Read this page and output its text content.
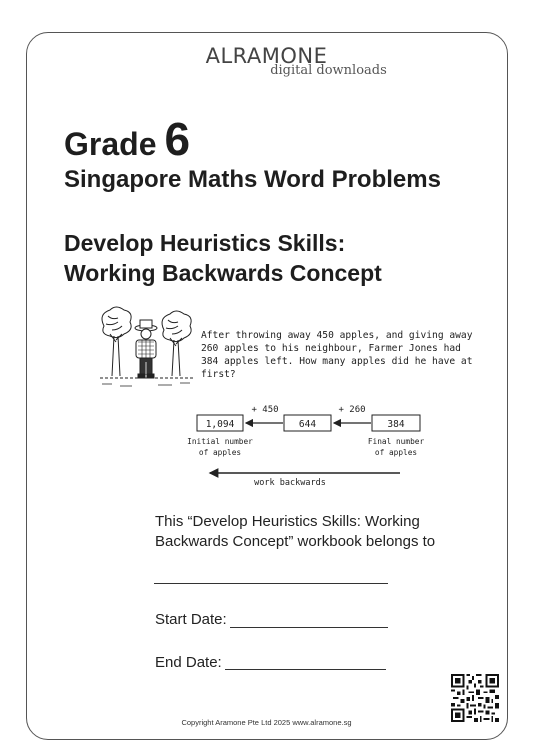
ALRAMONE
digital downloads
Grade 6
Singapore Maths Word Problems
Develop Heuristics Skills:
Working Backwards Concept
After throwing away 450 apples, and giving away
260 apples to his neighbour, Farmer Jones had
384 apples left. How many apples did he have at
first?
1,094	644	384
+ 450	+ 260
Initial number
of apples
Final number
of apples
work backwards

This “Develop Heuristics Skills: Working Backwards Concept” workbook belongs to

Start Date:
End Date:
Copyright Aramone Pte Ltd 2025 www.alramone.sg
